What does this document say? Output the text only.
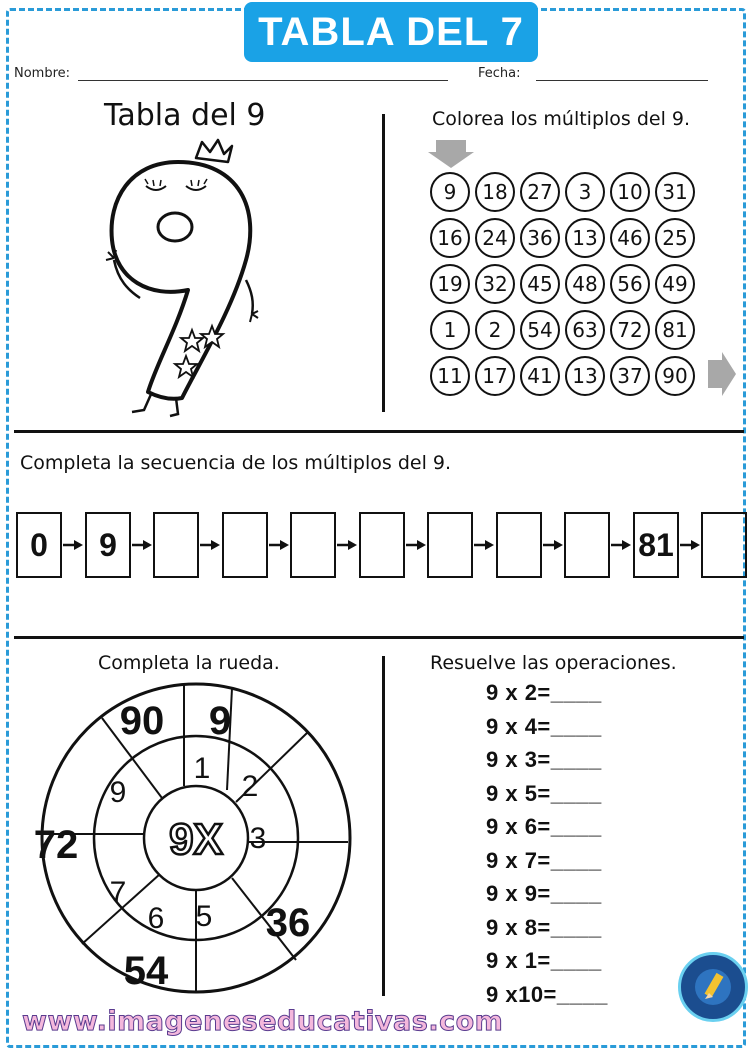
TABLA DEL 7
Nombre:	Fecha:
Tabla del 9	Colorea los múltiplos del 9.
9	18 27	3	10 31
16 24 36 13 46 25
19 32 45 48 56 49
1	2	54 63 72 81
11 17 41 13 37 90
Completa la secuencia de los múltiplos del 9.
0	9	81
Completa la rueda.
9X
1
2
3
5
6
7
9
90 9
72
36
54
Resuelve las operaciones.
9 x 2=____
9 x 4=____
9 x 3=____
9 x 5=____
9 x 6=____
9 x 7=____
9 x 9=____
9 x 8=____
9 x 1=____
9 x10=____
www.imageneseducativas.com
